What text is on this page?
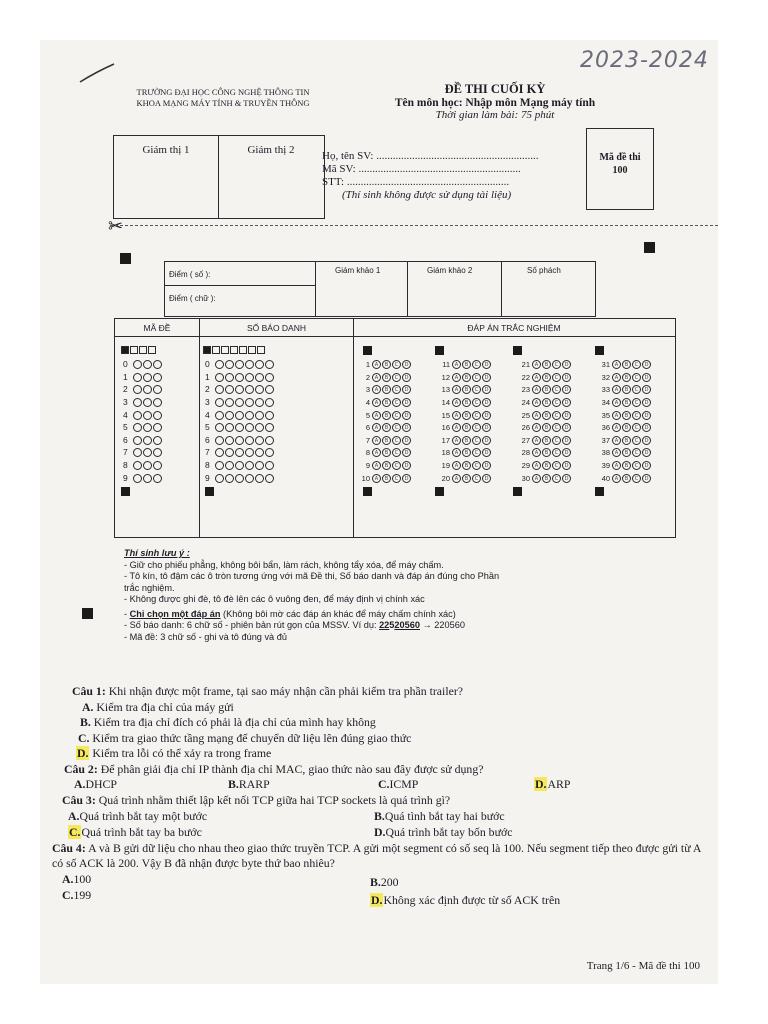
2023-2024
TRƯỜNG ĐẠI HỌC CÔNG NGHỆ THÔNG TIN
KHOA MẠNG MÁY TÍNH & TRUYỀN THÔNG
ĐỀ THI CUỐI KỲ
Tên môn học: Nhập môn Mạng máy tính
Thời gian làm bài: 75 phút
Giám thị 1	Giám thị 2	Họ, tên SV: ...........................................................
Mã SV: ...........................................................
STT: ...........................................................
(Thí sinh không được sử dụng tài liệu)
Mã đề thi
100
✂
Điểm ( số ):
Điểm ( chữ ):
Giám khảo 1	Giám khảo 2	Số phách
MÃ ĐỀ	SỐ BÁO DANH	ĐÁP ÁN TRẮC NGHIỆM
0	0
1	1
2	2
3	3
4	4
5	5
6	6
7	7
8	8
9	9
1 A B C D
2 A B C D
3 A B C D
4 A B C D
5 A B C D
6 A B C D
7 A B C D
8 A B C D
9 A B C D
10 A B C D
11 A B C D
12 A B C D
13 A B C D
14 A B C D
15 A B C D
16 A B C D
17 A B C D
18 A B C D
19 A B C D
20 A B C D
21 A B C D
22 A B C D
23 A B C D
24 A B C D
25 A B C D
26 A B C D
27 A B C D
28 A B C D
29 A B C D
30 A B C D
31 A B C D
32 A B C D
33 A B C D
34 A B C D
35 A B C D
36 A B C D
37 A B C D
38 A B C D
39 A B C D
40 A B C D
Thí sinh lưu ý :
- Giữ cho phiếu phẳng, không bôi bẩn, làm rách, không tẩy xóa, để máy chấm.
- Tô kín, tô đậm các ô tròn tương ứng với mã Đề thi, Số báo danh và đáp án đúng cho Phần
trắc nghiệm.
- Không được ghi đè, tô đè lên các ô vuông đen, để máy định vị chính xác
- Chỉ chọn một đáp án (Không bôi mờ các đáp án khác để máy chấm chính xác)
- Số báo danh: 6 chữ số - phiên bản rút gọn của MSSV. Ví dụ: 22520560 → 220560
- Mã đề: 3 chữ số - ghi và tô đúng và đủ
Câu 1: Khi nhận được một frame, tại sao máy nhận cần phải kiểm tra phần trailer?
A. Kiểm tra địa chỉ của máy gửi
B. Kiểm tra địa chỉ đích có phải là địa chỉ của mình hay không
C. Kiểm tra giao thức tầng mạng để chuyển dữ liệu lên đúng giao thức
D. Kiểm tra lỗi có thể xảy ra trong frame
Câu 2: Để phân giải địa chỉ IP thành địa chỉ MAC, giao thức nào sau đây được sử dụng?
A. DHCP	B. RARP	C. ICMP	D. ARP
Câu 3: Quá trình nhằm thiết lập kết nối TCP giữa hai TCP sockets là quá trình gì?
A. Quá trình bắt tay một bước	B. Quá tình bắt tay hai bước
C. Quá trình bắt tay ba bước	D. Quá trình bắt tay bốn bước
Câu 4: A và B gửi dữ liệu cho nhau theo giao thức truyền TCP. A gửi một segment có số seq là 100. Nếu segment tiếp theo được gửi từ A có số ACK là 200. Vậy B đã nhận được byte thứ bao nhiêu?
A. 100	B. 200
C. 199	D. Không xác định được từ số ACK trên
Trang 1/6 - Mã đề thi 100
